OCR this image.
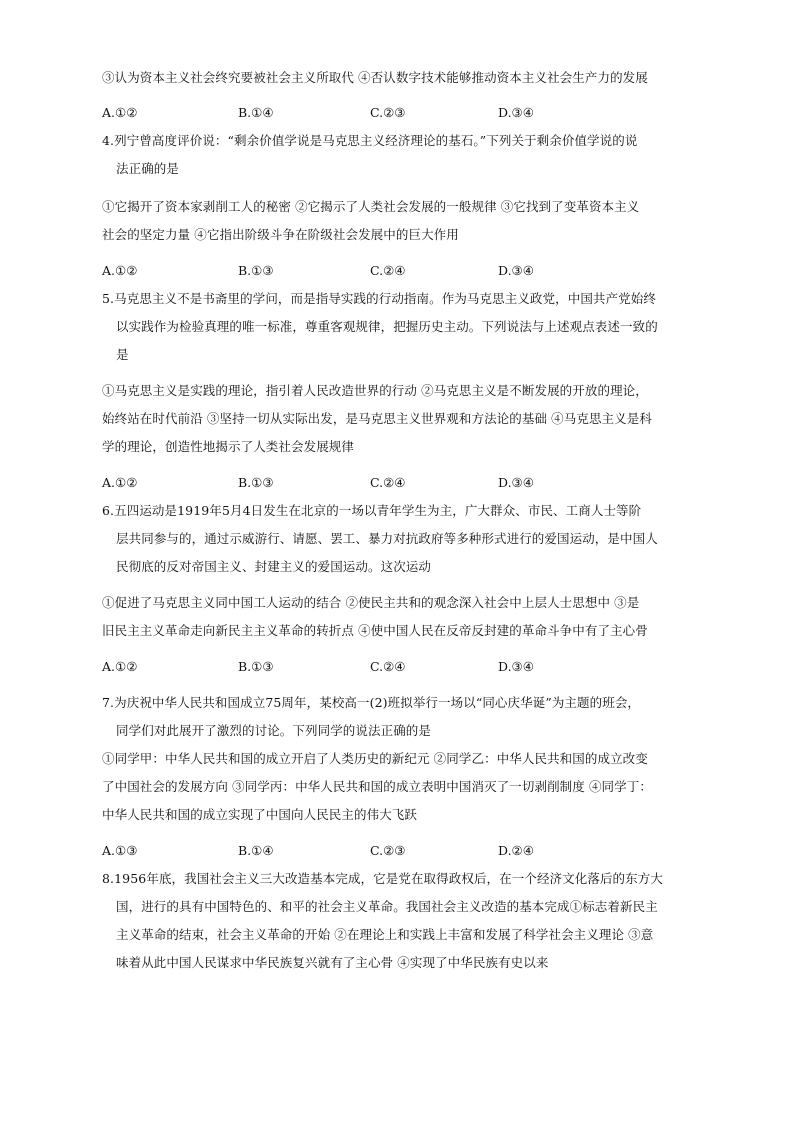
③认为资本主义社会终究要被社会主义所取代 ④否认数字技术能够推动资本主义社会生产力的发展
A.①②	B.①④	C.②③	D.③④
4.列宁曾高度评价说：“剩余价值学说是马克思主义经济理论的基石。”下列关于剩余价值学说的说
法正确的是
①它揭开了资本家剥削工人的秘密 ②它揭示了人类社会发展的一般规律 ③它找到了变革资本主义
社会的坚定力量 ④它指出阶级斗争在阶级社会发展中的巨大作用
A.①②	B.①③	C.②④	D.③④
5.马克思主义不是书斋里的学问，而是指导实践的行动指南。作为马克思主义政党，中国共产党始终
以实践作为检验真理的唯一标准，尊重客观规律，把握历史主动。下列说法与上述观点表述一致的
是
①马克思主义是实践的理论，指引着人民改造世界的行动 ②马克思主义是不断发展的开放的理论，
始终站在时代前沿 ③坚持一切从实际出发，是马克思主义世界观和方法论的基础 ④马克思主义是科
学的理论，创造性地揭示了人类社会发展规律
A.①②	B.①③	C.②④	D.③④
6.五四运动是1919年5月4日发生在北京的一场以青年学生为主，广大群众、市民、工商人士等阶
层共同参与的，通过示威游行、请愿、罢工、暴力对抗政府等多种形式进行的爱国运动，是中国人
民彻底的反对帝国主义、封建主义的爱国运动。这次运动
①促进了马克思主义同中国工人运动的结合 ②使民主共和的观念深入社会中上层人士思想中 ③是
旧民主主义革命走向新民主主义革命的转折点 ④使中国人民在反帝反封建的革命斗争中有了主心骨
A.①②	B.①③	C.②④	D.③④
7.为庆祝中华人民共和国成立75周年，某校高一(2)班拟举行一场以“同心庆华诞”为主题的班会，
同学们对此展开了激烈的讨论。下列同学的说法正确的是
①同学甲：中华人民共和国的成立开启了人类历史的新纪元 ②同学乙：中华人民共和国的成立改变
了中国社会的发展方向 ③同学丙：中华人民共和国的成立表明中国消灭了一切剥削制度 ④同学丁：
中华人民共和国的成立实现了中国向人民民主的伟大飞跃
A.①③	B.①④	C.②③	D.②④
8.1956年底，我国社会主义三大改造基本完成，它是党在取得政权后，在一个经济文化落后的东方大
国，进行的具有中国特色的、和平的社会主义革命。我国社会主义改造的基本完成①标志着新民主
主义革命的结束，社会主义革命的开始 ②在理论上和实践上丰富和发展了科学社会主义理论 ③意
味着从此中国人民谋求中华民族复兴就有了主心骨 ④实现了中华民族有史以来
